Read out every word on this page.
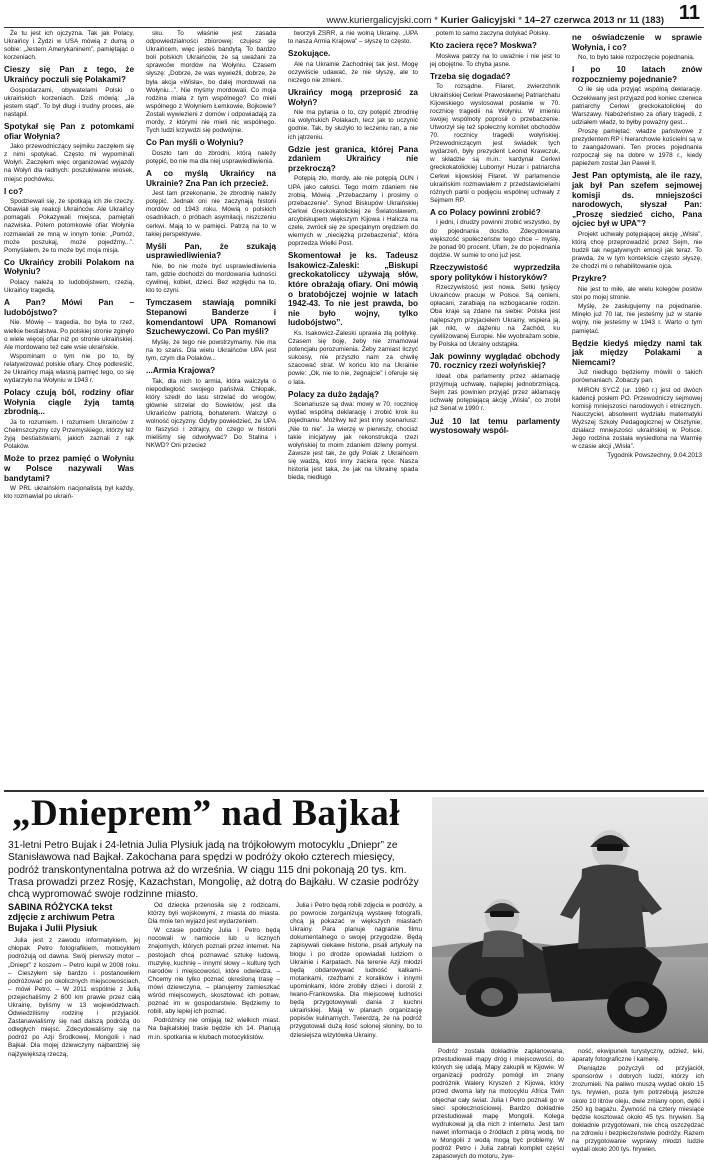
www.kuriergalicyjski.com * Kurier Galicyjski * 14–27 czerwca 2013 nr 11 (183) 11

Że tu jest ich ojczyzna. Tak jak Polacy, Ukraińcy i Żydzi w USA mówią z dumą o sobie: „Jestem Amerykaninem”, pamiętając o korzeniach.

Cieszy się Pan z tego, że Ukraińcy poczuli się Polakami?

Gospodarzami, obywatelami Polski o ukraińskich korzeniach. Dziś mówią: „Ja jestem stąd”. To był długi i trudny proces, ale nastąpił.

Spotykał się Pan z potomkami ofiar Wołynia?

Jako przewodniczący sejmiku zaczęłem się z nimi spotykać. Często mi wypominali Wołyń. Zaczęłem więc organizować wyjazdy na Wołyń dla radnych: poszukiwanie wiosek, miejsc pochówku.

I co?

Spodziewali się, że spotkają ich złe rzeczy. Obawiali się reakcji Ukraińców. Ale Ukraińcy pomagali. Pokazywali miejsca, pamiętali nazwiska. Potem potomkowie ofiar Wołynia rozmawiali ze mną w innym tonie: „Pomóż, może poszukaj, może pojedźmy...”. Pomyślałem, że to może być moja misja.

Co Ukraińcy zrobili Polakom na Wołyniu?

Polacy należą to ludobójstwem, rzezią, Ukraińcy tragedią.

A Pan? Mówi Pan – ludobójstwo?

Nie. Mówię – tragedia, bo była to rzeź, wielkie bestialstwa. Po polskiej stronie zginęło o wiele więcej ofiar niż po stronie ukraińskiej. Ale mordowano też całe wsie ukraińskie.

Wspominam o tym nie po to, by relatywizować polskie ofiary. Chcę podkreślić, że Ukraińcy mają własną pamięć tego, co się wydarzyło na Wołyniu w 1943 r.

Polacy czują ból, rodziny ofiar Wołynia ciągle żyją tamtą zbrodnią...

Ja to rozumiem. I rozumiem Ukraińców z Chełmszczyzny czy Przemyskiego, którzy też żyją bestialstwami, jakich zaznali z rąk Polaków.

Może to przez pamięć o Wołyniu w Polsce nazywali Was bandytami?

W PRL ukraińskim nacjonalistą był każdy, kto rozmawiał po ukraiń-

sku. To właśnie jest zasada odpowiedzialności zbiorowej: czujesz się Ukraińcem, więc jesteś bandytą. To bardzo boli polskich Ukraińców, że są uważani za sprawców mordów na Wołyniu. Czasem słyszę: „Dobrze, że was wywieźli, dobrze, że była akcja «Wisła», bo dalej mordowali na Wołyniu...”. Nie myśmy mordowali. Co moja rodzina miała z tym wspólnego? Co mieli wspólnego z Wołyniem Łemkowie, Bojkowie? Zostali wywiezieni z domów i odpowiadają za mordy, z którymi nie mieli nic wspólnego. Tych ludzi krzywdzi się podwójnie.

Co Pan myśli o Wołyniu?

Doszło tam do zbrodni, którą należy potępić, bo nie ma dla niej usprawiedliwienia.

A co myślą Ukraińcy na Ukrainie? Zna Pan ich przecież.

Jest tam przekonanie, że zbrodnię należy potępić. Jednak oni nie zaczynają historii mordów od 1943 roku. Mówią o polskich osadnikach, o próbach asymilacji, niszczeniu cerkwi. Mają to w pamięci. Patrzą na to w takiej perspektywie.

Myśli Pan, że szukają usprawiedliwienia?

Nie, bo nie może być usprawiedliwienia tam, gdzie dochodzi do mordowania ludności cywilnej, kobiet, dzieci. Bez względu na to, kto to czyni.

Tymczasem stawiają pomniki Stepanowi Banderze i komendantowi UPA Romanowi Szuchewyczowi. Co Pan myśli?

Myślę, że tego nie powstrzymamy. Nie ma na to szans. Dla wielu Ukraińców UPA jest tym, czym dla Polaków...

...Armia Krajowa?

Tak, dla nich to armia, która walczyła o niepodległość swojego państwa. Chłopak, który szedł do lasu strzelać do wrogów, głównie strzelał do Sowietów, jest dla Ukraińców patriotą, bohaterem. Walczył o wolność ojczyzny. Gdyby powiedzieć, że UPA to faszyści i zdrajcy, do czego w historii mieliśmy się odwoływać? Do Stalina i NKWD? Oni przecież

tworzyli ZSRR, a nie wolną Ukrainę. „UPA to nasza Armia Krajowa” – słyszę to często.

Szokujące.

Ale na Ukrainie Zachodniej tak jest. Mogę oczywiście udawać, że nie słyszę, ale to niczego nie zmieni.

Ukraińcy mogą przeprosić za Wołyń?

Nie ma pytania o to, czy potępić zbrodnię na wołyńskich Polakach, lecz jak to uczynić godnie. Tak, by służyło to leczeniu ran, a nie ich jątrzeniu.

Gdzie jest granica, której Pana zdaniem Ukraińcy nie przekroczą?

Potępią zło, mordy, ale nie potępią OUN i UPA jako całości. Tego moim zdaniem nie zrobią. Mówią: „Przebaczamy i prosimy o przebaczenie”. Synod Biskupów Ukraińskiej Cerkwi Greckokatolickiej ze Światosławem, arcybiskupem większym Kijowa i Halicza na czele, zwrócił się ze specjalnym orędziem do wiernych w „nieciężką przebaczenia”, która poprzedza Wielki Post.

Skomentował je ks. Tadeusz Isakowicz-Zaleski: „Biskupi greckokatoliccy używają słów, które obrażają ofiary. Oni mówią o bratobójczej wojnie w latach 1942-43. To nie jest prawda, bo nie było wojny, tylko ludobójstwo”.

Ks. Isakowicz-Zaleski uprawia złą politykę. Czasem się boję, żeby nie zmamował potencjału porozumienia. Żeby zamiast liczyć sukcesy, nie przyszło nam za chwilę szacować strat. W końcu kto na Ukrainie powie: „Ok, nie to nie, żegnajcie” i oferuje się o lata.

Polacy za dużo żądają?

Scenariusze są dwa: mowy w 70. rocznicę wydać wspólną deklarację i zrobić krok ku pojednaniu. Możliwy też jest inny scenariusz: „Nie to nie”. Ja wierzę w pierwszy, chociaż takie inicjatywy jak rekonstrukcja rzezi wołyńskiej to moim zdaniem dziwny pomysł. Zawsze jest tak, że gdy Polak z Ukraińcem się wadzą, ktoś inny zaciera ręce. Nasza historia jest taka, że jak na Ukrainę spada bieda, niedługo

potem to samo zaczyna dotykać Polskę.

Kto zaciera ręce? Moskwa?

Moskwa patrzy na to uważnie i nie jest to jej obojętne. To chyba jasne.

Trzeba się dogadać?

To rozsądne. Filaret, zwierzchnik Ukraińskiej Cerkwi Prawosławnej Patriarchatu Kijowskiego wystosował posłanie w 70. rocznicę tragedii na Wołyniu. W imieniu swojej wspólnoty poprosił o przebaczenie. Utworzył się też społeczny komitet obchodów 70. rocznicy tragedii wołyńskiej. Przewodniczącym jest świadek tych wydarzeń, były prezydent Leonid Krawczuk, w składzie są m.in.: kardynał Cerkwi greckokatolickiej Lubomyr Huzar i patriarcha Cerkwi kijowskiej Filaret. W parlamencie ukraińskim rozmawiałem z przedstawicielami różnych partii o podjęciu wspólnej uchwały z Sejmem RP.

A co Polacy powinni zrobić?

I jedni, i drudzy powinni zrobić wszystko, by do pojednania doszło. Zdecydowana większość społeczeństw tego chce – myślę, że ponad 90 procent. Ufam, że do pojednania dojdzie. W sumie to ono już jest.

Rzeczywistość wyprzedziła spory polityków i historyków?

Rzeczywistość jest nowa. Setki tysięcy Ukraińców pracuje w Polsce. Są cenieni, opłacani, zarabiają na wzbogacanie rodzin. Oba kraje są zdane na siebie: Polska jest najlepszym przyjacielem Ukrainy, wspiera ją, jak nikt, w dążeniu na Zachód, ku cywilizowanej Europie. Nie wyobrażam sobie, by Polska od Ukrainy odstąpiła.

Jak powinny wyglądać obchody 70. rocznicy rzezi wołyńskiej?

Ideał: oba parlamenty przez aklamację przyjmują uchwałę, najlepiej jednobrzmiącą. Sejm zaś powinien przyjąć przez aklamację uchwałę potępiającą akcję „Wisła”, co zrobił już Senat w 1990 r.

Już 10 lat temu parlamenty wystosowały wspól-

ne oświadczenie w sprawie Wołynia, i co?

No, to było takie rozpoczęcie pojednania.

I po 10 latach znów rozpoczniemy pojednanie?

O ile się uda przyjąć wspólną deklarację. Oczekiwany jest przyjazd pod koniec czerwca patriarchy Cerkwi greckokatolickiej do Warszawy. Nabożeństwo za ofiary tragedii, z udziałem władz, to byłby poważny gest...

Proszę pamiętać: władze państwowe z prezydentem RP i hierarchowie kościelni są w to zaangażowani. Ten proces pojednania rozpoczął się na dobre w 1978 r., kiedy papieżem został Jan Paweł II.

Jest Pan optymistą, ale ile razy, jak był Pan szefem sejmowej komisji ds. mniejszości narodowych, słyszał Pan: „Proszę siedzieć cicho, Pana ojciec był w UPA”?

Projekt uchwały potępiającej akcję „Wisła”, którą chcę przeprowadzić przez Sejm, nie budził tak negatywnych emocji jak teraz. To prawda, że w tym kontekście często słyszę, że chodzi mi o rehabilitowanie ojca.

Przykre?

Nie jest to miłe, ale wielu kolegów posłów stoi po mojej stronie.

Myślę, że zasługujemy na pojednanie. Minęło już 70 lat, nie jesteśmy już w stanie wojny, nie jesteśmy w 1943 r. Warto o tym pamiętać.

Będzie kiedyś między nami tak jak między Polakami a Niemcami?

Już niedługo będziemy mówili o takich porównaniach. Zobaczy pan.

MIRON SYCZ (ur. 1960 r.) jest od dwóch kadencji posłem PO. Przewodniczy sejmowej komisji mniejszości narodowych i etnicznych. Nauczyciel, absolwent wydziału matematyki Wyższej Szkoły Pedagogicznej w Olsztynie, działacz mniejszości ukraińskiej w Polsce. Jego rodzina została wysiedlona na Warmię w czasie akcji „Wisła”.

Tygodnik Powszechny, 9.04.2013

„Dnieprem” nad Bajkał
31-letni Petro Bujak i 24-letnia Julia Plysiuk jadą na trójkołowym motocyklu „Dniepr” ze Stanisławowa nad Bajkał. Zakochana para spędzi w podróży około czterech miesięcy, podróż transkontynentalna potrwa aż do września. W ciągu 115 dni pokonają 20 tys. km. Trasa prowadzi przez Rosję, Kazachstan, Mongolię, aż dotrą do Bajkału. W czasie podróży chcą wypromować swoje rodzinne miasto.

SABINA RÓŻYCKA tekst zdjęcie z archiwum Petra Bujaka i Julii Plysiuk

Julia jest z zawodu informatykiem, jej chłopak Petro fotografikiem, motocyklem podróżują od dawna. Swój pierwszy motor – „Dniepr” z koszem – Petro kupił w 2008 roku. – Cieszyłem się bardzo i postanowiłem podróżować po okolicznych miejscowościach, – mówi Petro. – W 2011 wspólnie z Julią przejechaliśmy 2 600 km prawie przez całą Ukrainę, byliśmy w 13 województwach. Odwiedziliśmy rodzinę i przyjaciół. Zastanawialiśmy się nad dalszą podróżą do odległych miejsc. Zdecydowaliśmy się na podróż po Azji Środkowej, Mongolii i nad Bajkał. Dla mojej dziewczyny najbardziej się najżywiększą rzeczą,

Od dziecka przenosiła się z rodzicami, którzy byli wojskowymi, z miasta do miasta. Dla mnie ten wyjazd jest wydarzeniem.

W czasie podróży Julia i Petro będą nocowali w namiocie lub u licznych znajomych, których poznali przez internet. Na postojach chcą poznawać sztukę ludową, muzykę, kuchnię – innymi słowy – kulturę tych narodów i miejscowości, które odwiedza. – Chcemy nie tylko poznać określoną trasę – mówi dziewczyna, – planujemy zamieszkać wśród miejscowych, skosztować ich potraw, poznać im w gospodarstwie. Będziemy to robili, aby lepiej ich poznać.

Podróżnicy nie omijają też wielkich miast. Na bajkalskiej trasie będzie ich 14. Planują m.in. spotkania w klubach motocyklistów.

Julia i Petro będą robili zdjęcia w podróży, a po powrocie zorganizują wystawę fotografii, chcą ją pokazać w większych miastach Ukrainy. Para planuje nagranie filmu dokumentalnego o swojej przygodzie. Będą zapisywali ciekawe historie, pisali artykuły na blogu i po drodze opowiadali ludziom o Ukrainie i Karpatach. Na terenie Azji młodzi będą obdarowywać ludność kalkami-motankami, rzeźbami z koralików i innymi upominkami, które zrobiły dzieci i dorośli z Iwano-Frankowska. Dla miejscowej ludności będą przygotowywali dania z kuchni ukraińskiej. Mają w planach organizację popisów kulinarnych. Twierdzą, że na podróż przygotowali dużą ilość solonej słoniny, bo to dziesiejsza wizytówka Ukrainy.

Podróż została dokładnie zaplanowana, przestudiowali mapy dróg i miejscowości, do których się udają. Mapy zakupili w Kijowie. W organizacji podróży pomógł im znany podróżnik Walery Kryszeń z Kijowa, który przed dwoma laty na motocyklu Africa Twin objechał cały świat. Julia i Petro poznali go w sieci społecznościowej. Bardzo dokładnie przestudiowali mapę Mongolii. Kolega wydrukował ją dla nich z internetu. Jest tam nawet informacja o źródłach z pitną wodą, bo w Mongolii z wodą mogą być problemy. W podróż Petro i Julia zabrali komplet części zapasowych do motoru, żyw-

ność, ekwipunek turystyczny, odzież, leki, aparaty fotograficzne i kamerę.

Pieniądze pożyczyli od przyjaciół, sponsorów i dobrych ludzi, którzy ich zrozumieli. Na paliwo muszą wydać około 15 tys. hrywien, poza tym potrzebują jeszcze około 10 litrów oleju, dwie zmiany opon, dętki i 250 kg bagażu. Żywność na cztery miesiące będzie kosztować około 45 tys. hrywien. Są dokładnie przygotowani, nie chcą oszczędzać na zdrowiu i bezpieczeństwie podróży. Razem na przygotowanie wyprawy młodzi ludzie wydali około 200 tys. hrywien.
